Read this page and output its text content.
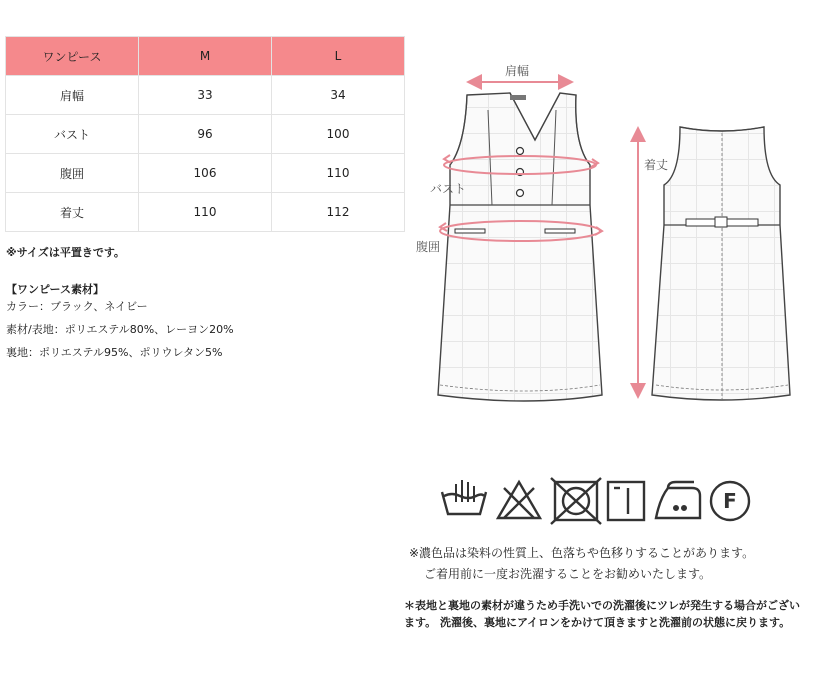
ワンピース	M	L
肩幅	33	34
バスト	96	100
腹囲	106	110
着丈	110	112
※サイズは平置きです。
【ワンピース素材】
カラー：ブラック、ネイビー
素材/表地：ポリエステル80%、レーヨン20%
裏地：ポリエステル95%、ポリウレタン5%
肩幅
バスト
腹囲
着丈
F
※濃色品は染料の性質上、色落ちや色移りすることがあります。
ご着用前に一度お洗濯することをお勧めいたします。
＊表地と裏地の素材が違うため手洗いでの洗濯後にツレが発生する場合がございます。 洗濯後、裏地にアイロンをかけて頂きますと洗濯前の状態に戻ります。
